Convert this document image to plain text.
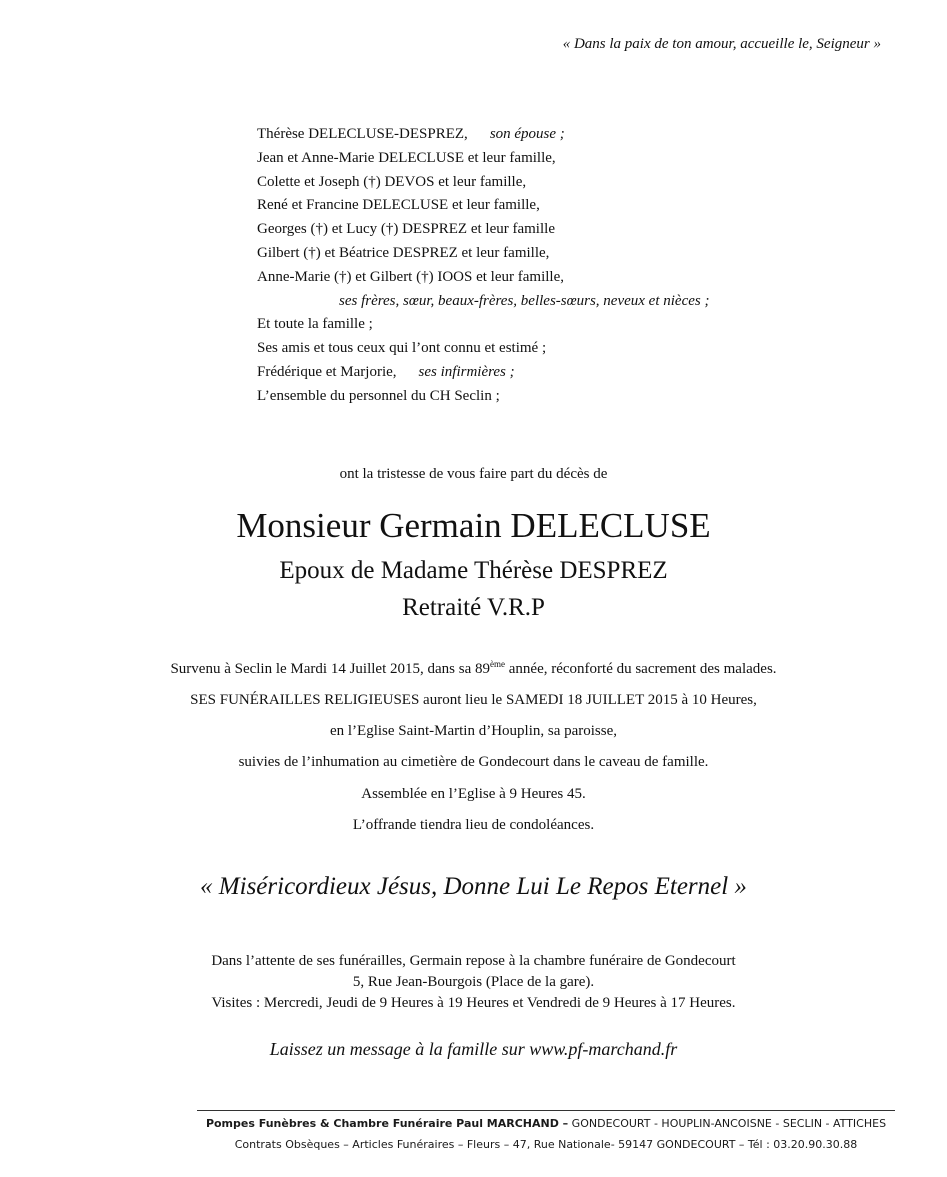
« Dans la paix de ton amour, accueille le, Seigneur »
Thérèse DELECLUSE-DESPREZ, son épouse ;
Jean et Anne-Marie DELECLUSE et leur famille,
Colette et Joseph (†) DEVOS et leur famille,
René et Francine DELECLUSE et leur famille,
Georges (†) et Lucy (†) DESPREZ et leur famille
Gilbert (†) et Béatrice DESPREZ et leur famille,
Anne-Marie (†) et Gilbert (†) IOOS et leur famille,
ses frères, sœur, beaux-frères, belles-sœurs, neveux et nièces ;
Et toute la famille ;
Ses amis et tous ceux qui l’ont connu et estimé ;
Frédérique et Marjorie, ses infirmières ;
L’ensemble du personnel du CH Seclin ;
ont la tristesse de vous faire part du décès de
Monsieur Germain DELECLUSE
Epoux de Madame Thérèse DESPREZ
Retraité V.R.P
Survenu à Seclin le Mardi 14 Juillet 2015, dans sa 89ème année, réconforté du sacrement des malades.
SES FUNÉRAILLES RELIGIEUSES auront lieu le SAMEDI 18 JUILLET 2015 à 10 Heures,
en l’Eglise Saint-Martin d’Houplin, sa paroisse,
suivies de l’inhumation au cimetière de Gondecourt dans le caveau de famille.
Assemblée en l’Eglise à 9 Heures 45.
L’offrande tiendra lieu de condoléances.
« Miséricordieux Jésus, Donne Lui Le Repos Eternel »
Dans l’attente de ses funérailles, Germain repose à la chambre funéraire de Gondecourt
5, Rue Jean-Bourgois (Place de la gare).
Visites : Mercredi, Jeudi de 9 Heures à 19 Heures et Vendredi de 9 Heures à 17 Heures.
Laissez un message à la famille sur www.pf-marchand.fr
Pompes Funèbres & Chambre Funéraire Paul MARCHAND – GONDECOURT - HOUPLIN-ANCOISNE - SECLIN - ATTICHES
Contrats Obsèques – Articles Funéraires – Fleurs – 47, Rue Nationale- 59147 GONDECOURT – Tél : 03.20.90.30.88
